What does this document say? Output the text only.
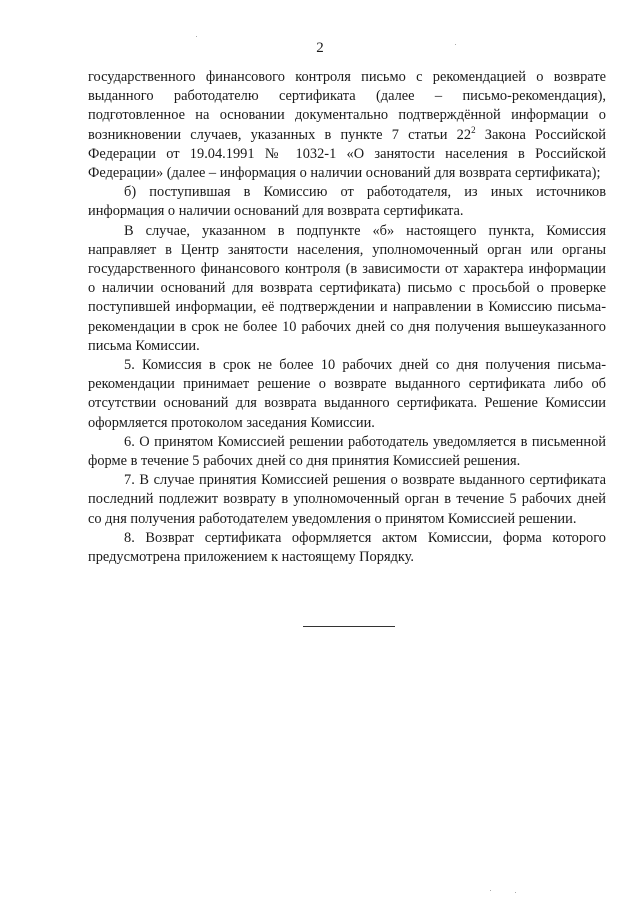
2

государственного финансового контроля письмо с рекомендацией о возврате выданного работодателю сертификата (далее – письмо-рекомендация), подготовленное на основании документально подтверждённой информации о возникновении случаев, указанных в пункте 7 статьи $22^2$ Закона Российской Федерации от 19.04.1991 № 1032-1 «О занятости населения в Российской Федерации» (далее – информация о наличии оснований для возврата сертификата);

б) поступившая в Комиссию от работодателя, из иных источников информация о наличии оснований для возврата сертификата.

В случае, указанном в подпункте «б» настоящего пункта, Комиссия направляет в Центр занятости населения, уполномоченный орган или органы государственного финансового контроля (в зависимости от характера информации о наличии оснований для возврата сертификата) письмо с просьбой о проверке поступившей информации, её подтверждении и направлении в Комиссию письма-рекомендации в срок не более 10 рабочих дней со дня получения вышеуказанного письма Комиссии.

5. Комиссия в срок не более 10 рабочих дней со дня получения письма-рекомендации принимает решение о возврате выданного сертификата либо об отсутствии оснований для возврата выданного сертификата. Решение Комиссии оформляется протоколом заседания Комиссии.

6. О принятом Комиссией решении работодатель уведомляется в письменной форме в течение 5 рабочих дней со дня принятия Комиссией решения.

7. В случае принятия Комиссией решения о возврате выданного сертификата последний подлежит возврату в уполномоченный орган в течение 5 рабочих дней со дня получения работодателем уведомления о принятом Комиссией решении.

8. Возврат сертификата оформляется актом Комиссии, форма которого предусмотрена приложением к настоящему Порядку.
